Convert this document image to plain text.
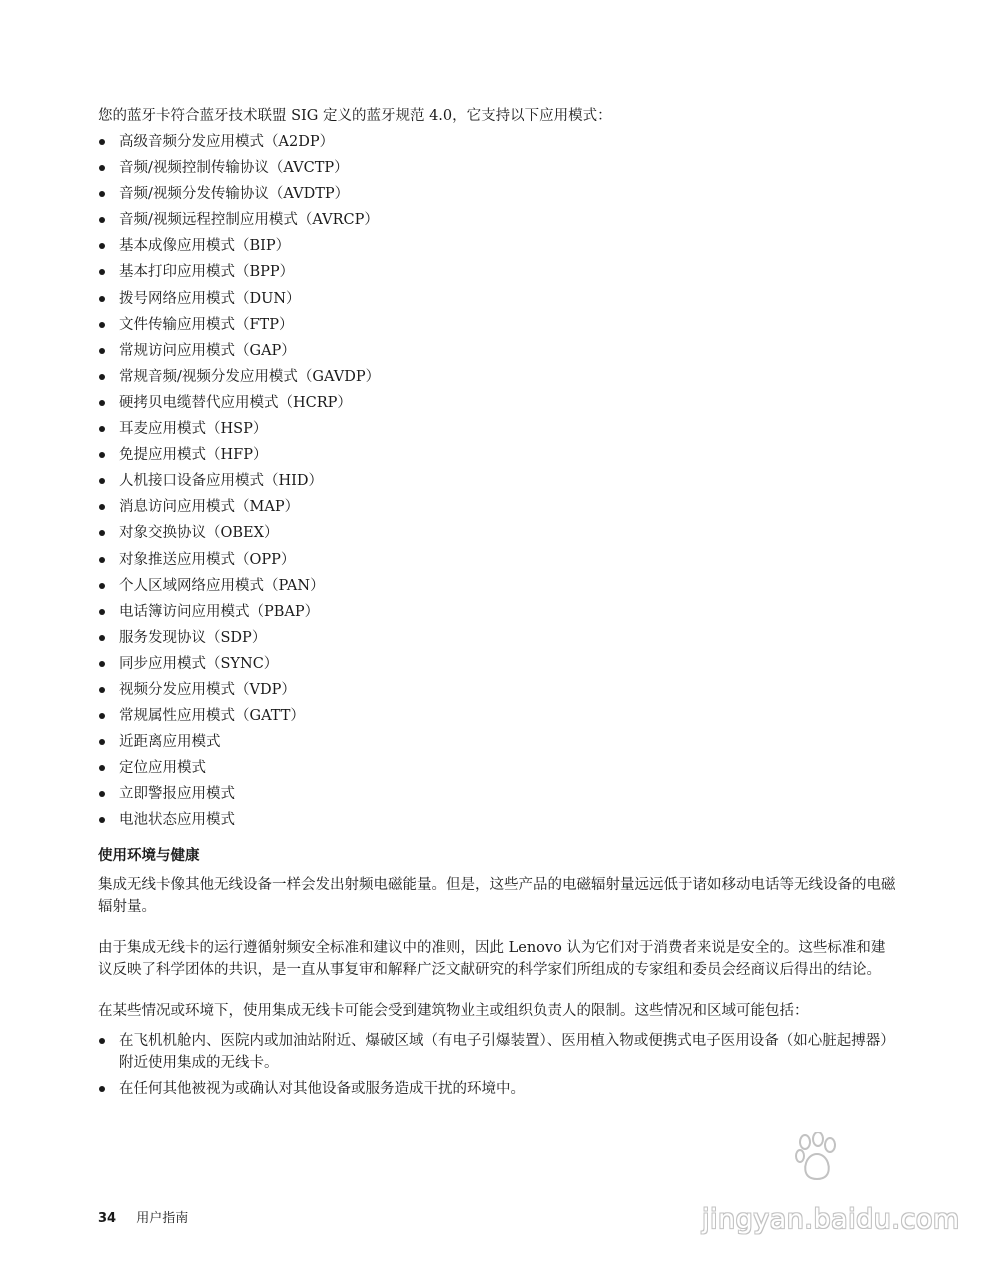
您的蓝牙卡符合蓝牙技术联盟 SIG 定义的蓝牙规范 4.0，它支持以下应用模式：

高级音频分发应用模式（A2DP）
音频/视频控制传输协议（AVCTP）
音频/视频分发传输协议（AVDTP）
音频/视频远程控制应用模式（AVRCP）
基本成像应用模式（BIP）
基本打印应用模式（BPP）
拨号网络应用模式（DUN）
文件传输应用模式（FTP）
常规访问应用模式（GAP）
常规音频/视频分发应用模式（GAVDP）
硬拷贝电缆替代应用模式（HCRP）
耳麦应用模式（HSP）
免提应用模式（HFP）
人机接口设备应用模式（HID）
消息访问应用模式（MAP）
对象交换协议（OBEX）
对象推送应用模式（OPP）
个人区域网络应用模式（PAN）
电话簿访问应用模式（PBAP）
服务发现协议（SDP）
同步应用模式（SYNC）
视频分发应用模式（VDP）
常规属性应用模式（GATT）
近距离应用模式
定位应用模式
立即警报应用模式
电池状态应用模式
使用环境与健康

集成无线卡像其他无线设备一样会发出射频电磁能量。但是，这些产品的电磁辐射量远远低于诸如移动电话等无线设备的电磁辐射量。

由于集成无线卡的运行遵循射频安全标准和建议中的准则，因此 Lenovo 认为它们对于消费者来说是安全的。这些标准和建议反映了科学团体的共识，是一直从事复审和解释广泛文献研究的科学家们所组成的专家组和委员会经商议后得出的结论。

在某些情况或环境下，使用集成无线卡可能会受到建筑物业主或组织负责人的限制。这些情况和区域可能包括：

在飞机机舱内、医院内或加油站附近、爆破区域（有电子引爆装置）、医用植入物或便携式电子医用设备（如心脏起搏器）附近使用集成的无线卡。
在任何其他被视为或确认对其他设备或服务造成干扰的环境中。
34 用户指南	jingyan.baidu.com
